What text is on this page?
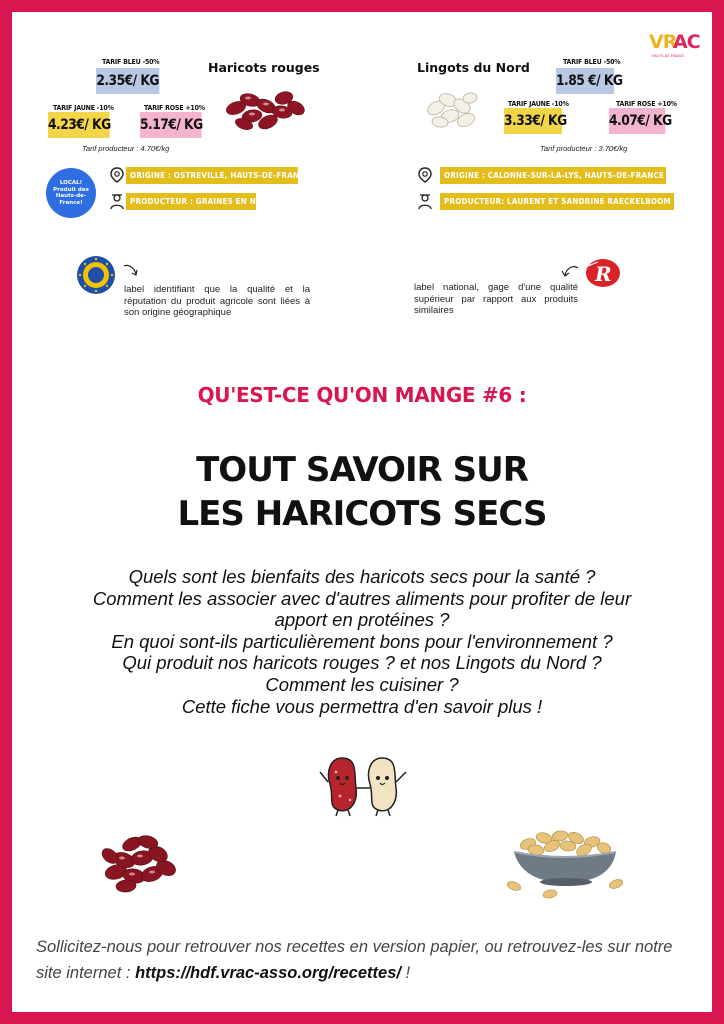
VR
AC
HAUTS-DE-FRANCE
TARIF BLEU -50%
2.35€/ KG
Haricots rouges
TARIF JAUNE -10%
4.23€/ KG
TARIF ROSE +10%
5.17€/ KG
Tarif producteur : 4.70€/kg
LOCAL! Produit des Hauts-de-France!
ORIGINE : OSTREVILLE, HAUTS-DE-FRANCE
PRODUCTEUR : GRAINES EN NORD
label identifiant que la qualité et la réputation du produit agricole sont liées à son origine géographique
Lingots du Nord	TARIF BLEU -50%
1.85 €/ KG
TARIF JAUNE -10%
3.33€/ KG
TARIF ROSE +10%
4.07€/ KG
Tarif producteur : 3.70€/kg
ORIGINE : CALONNE-SUR-LA-LYS, HAUTS-DE-FRANCE
PRODUCTEUR: LAURENT ET SANDRINE RAECKELBOOM
label national, gage d'une qualité supérieur par rapport aux produits similaires
R
QU'EST-CE QU'ON MANGE #6 :
TOUT SAVOIR SUR
LES HARICOTS SECS
Quels sont les bienfaits des haricots secs pour la santé ?
Comment les associer avec d'autres aliments pour profiter de leur
apport en protéines ?
En quoi sont-ils particulièrement bons pour l'environnement ?
Qui produit nos haricots rouges ? et nos Lingots du Nord ?
Comment les cuisiner ?
Cette fiche vous permettra d'en savoir plus !
Sollicitez-nous pour retrouver nos recettes en version papier, ou retrouvez-les sur notre site internet : https://hdf.vrac-asso.org/recettes/ !
